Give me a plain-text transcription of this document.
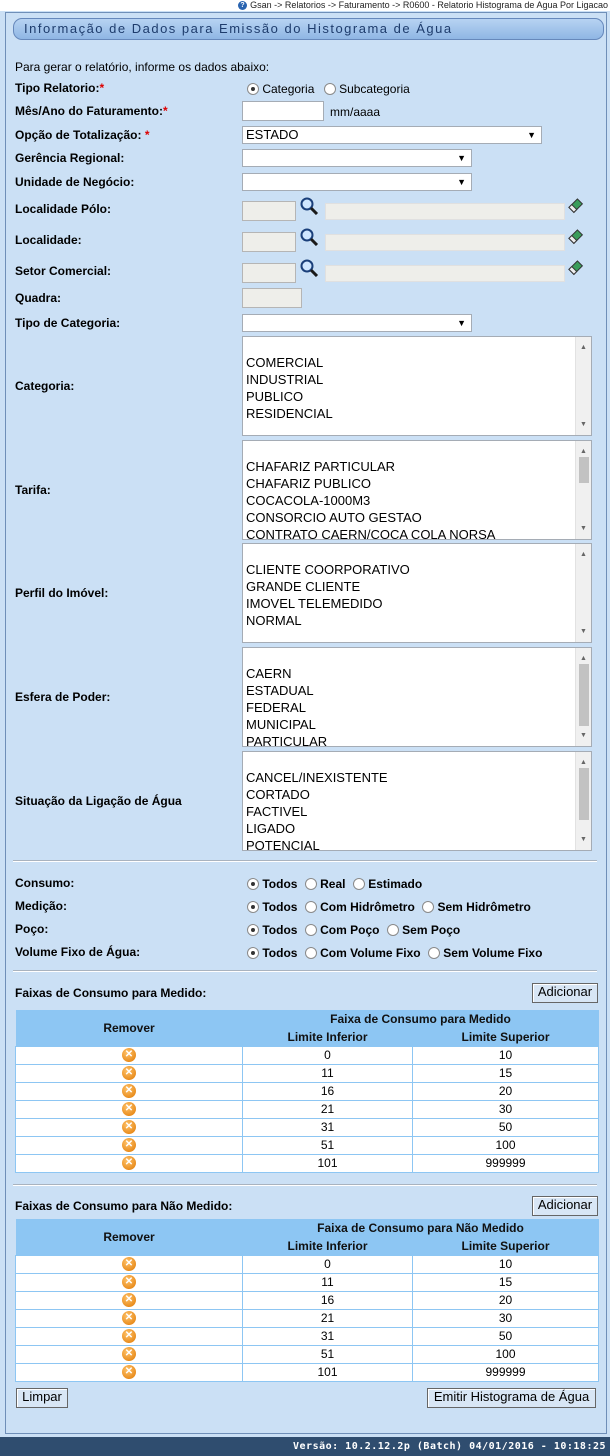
? Gsan -> Relatorios -> Faturamento -> R0600 - Relatorio Histograma de Agua Por Ligacao
Informação de Dados para Emissão do Histograma de Água
Para gerar o relatório, informe os dados abaixo:
Tipo Relatorio:*	Categoria Subcategoria
Mês/Ano do Faturamento:*	mm/aaaa
Opção de Totalização: *	ESTADO	▼
Gerência Regional:	▼
Unidade de Negócio:	▼
Localidade Pólo:
Localidade:
Setor Comercial:
Quadra:
Tipo de Categoria:	▼
Categoria:
COMERCIAL
INDUSTRIAL
PUBLICO
RESIDENCIAL
▲
▼
Tarifa:
CHAFARIZ PARTICULAR
CHAFARIZ PUBLICO
COCACOLA-1000M3
CONSORCIO AUTO GESTAO
CONTRATO CAERN/COCA COLA NORSA
▲
▼
Perfil do Imóvel:
CLIENTE COORPORATIVO
GRANDE CLIENTE
IMOVEL TELEMEDIDO
NORMAL
▲
▼
Esfera de Poder:
CAERN
ESTADUAL
FEDERAL
MUNICIPAL
PARTICULAR
▲
▼
Situação da Ligação de Água
CANCEL/INEXISTENTE
CORTADO
FACTIVEL
LIGADO
POTENCIAL
▲
▼
Consumo:	Todos Real Estimado
Medição:	Todos Com Hidrômetro Sem Hidrômetro
Poço:	Todos Com Poço Sem Poço
Volume Fixo de Água:	Todos Com Volume Fixo Sem Volume Fixo
Faixas de Consumo para Medido:	Adicionar
Remover	Faixa de Consumo para Medido	
	Limite Inferior	Limite Superior
✕	0	10
✕	11	15
✕	16	20
✕	21	30
✕	31	50
✕	51	100
✕	101	999999
Faixas de Consumo para Não Medido:	Adicionar
Remover	Faixa de Consumo para Não Medido	
	Limite Inferior	Limite Superior
✕	0	10
✕	11	15
✕	16	20
✕	21	30
✕	31	50
✕	51	100
✕	101	999999
Limpar	Emitir Histograma de Água
Versão: 10.2.12.2p (Batch) 04/01/2016 - 10:18:25
